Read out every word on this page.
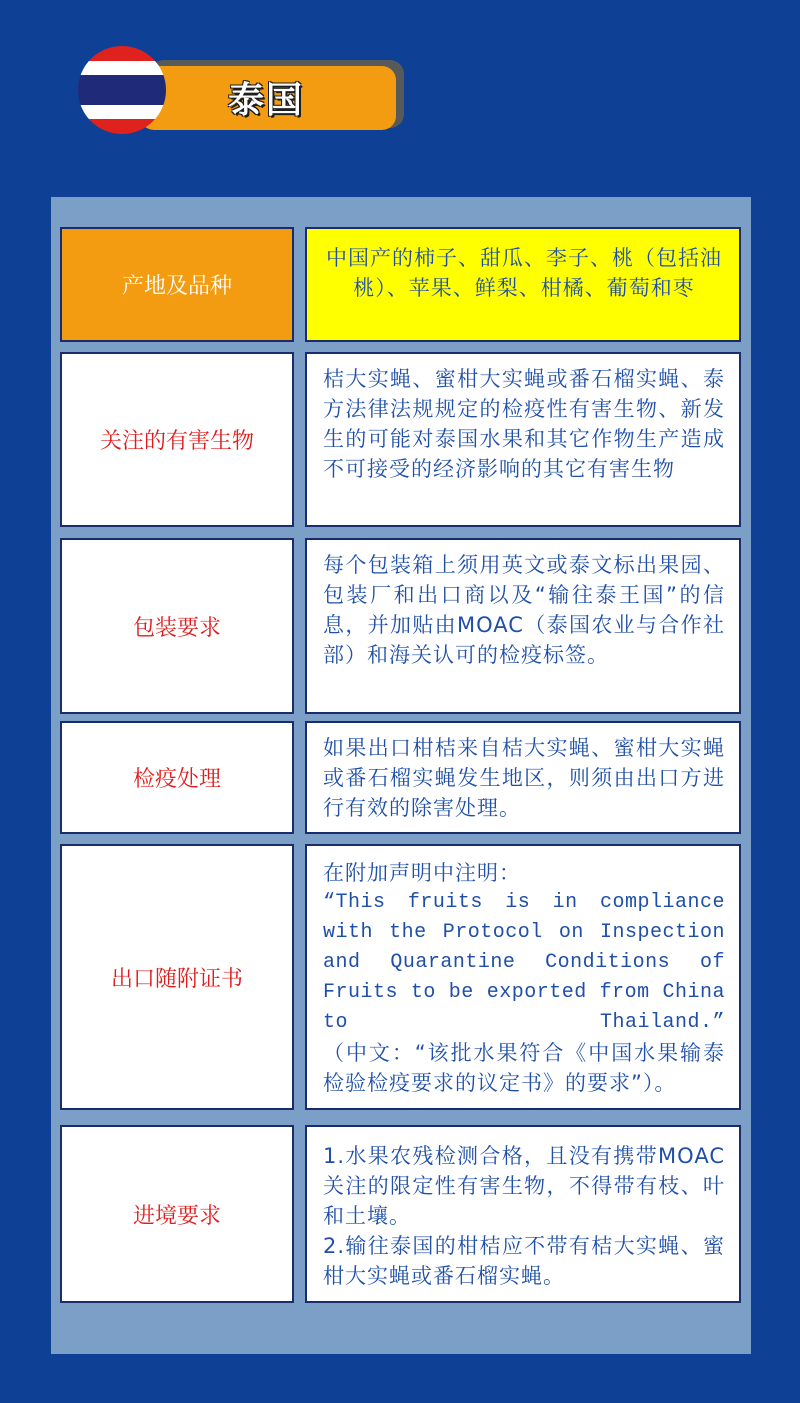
泰国
产地及品种

中国产的柿子、甜瓜、李子、桃（包括油桃）、苹果、鲜梨、柑橘、葡萄和枣

关注的有害生物

桔大实蝇、蜜柑大实蝇或番石榴实蝇、泰方法律法规规定的检疫性有害生物、新发生的可能对泰国水果和其它作物生产造成不可接受的经济影响的其它有害生物

包装要求

每个包装箱上须用英文或泰文标出果园、包装厂和出口商以及“输往泰王国”的信息，并加贴由MOAC（泰国农业与合作社部）和海关认可的检疫标签。

检疫处理

如果出口柑桔来自桔大实蝇、蜜柑大实蝇或番石榴实蝇发生地区，则须由出口方进行有效的除害处理。

出口随附证书

在附加声明中注明：

“This fruits is in compliance with the Protocol on Inspection and Quarantine Conditions of Fruits to be exported from China to Thailand.”

（中文：“该批水果符合《中国水果输泰检验检疫要求的议定书》的要求”）。

进境要求

1.水果农残检测合格，且没有携带MOAC关注的限定性有害生物，不得带有枝、叶和土壤。

2.输往泰国的柑桔应不带有桔大实蝇、蜜柑大实蝇或番石榴实蝇。
